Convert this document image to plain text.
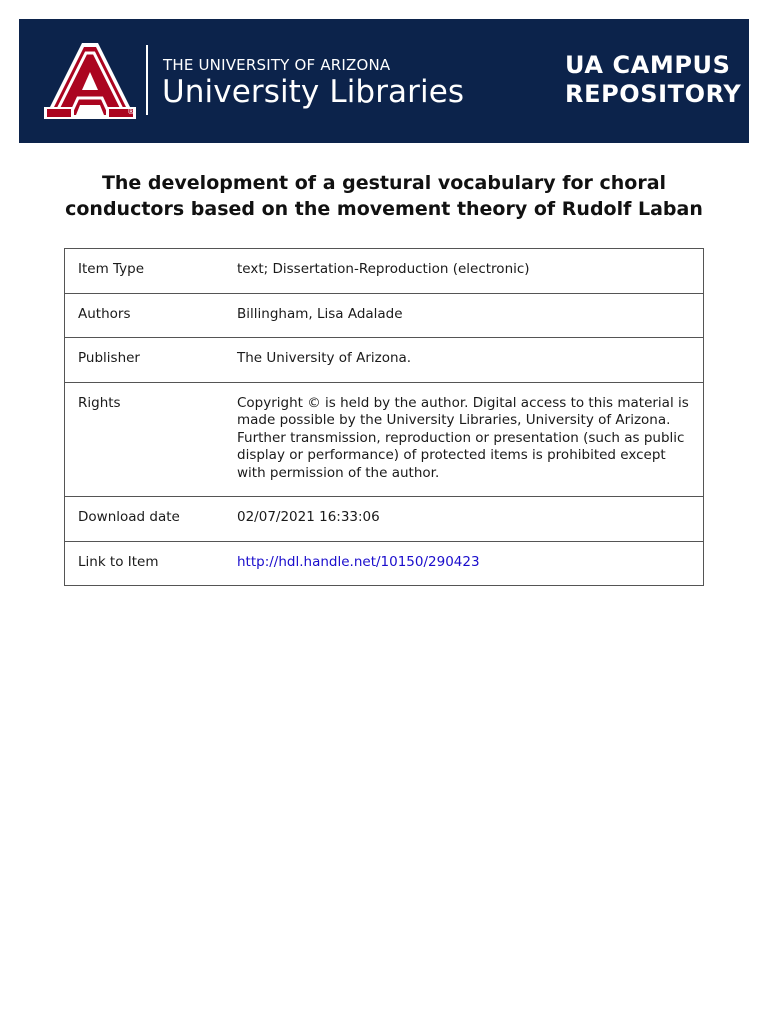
®
THE UNIVERSITY OF ARIZONA
University Libraries
UA CAMPUS
REPOSITORY
The development of a gestural vocabulary for choral conductors based on the movement theory of Rudolf Laban
Item Type	text; Dissertation-Reproduction (electronic)
Authors	Billingham, Lisa Adalade
Publisher	The University of Arizona.
Rights	Copyright © is held by the author. Digital access to this material is made possible by the University Libraries, University of Arizona. Further transmission, reproduction or presentation (such as public display or performance) of protected items is prohibited except with permission of the author.
Download date	02/07/2021 16:33:06
Link to Item	http://hdl.handle.net/10150/290423
